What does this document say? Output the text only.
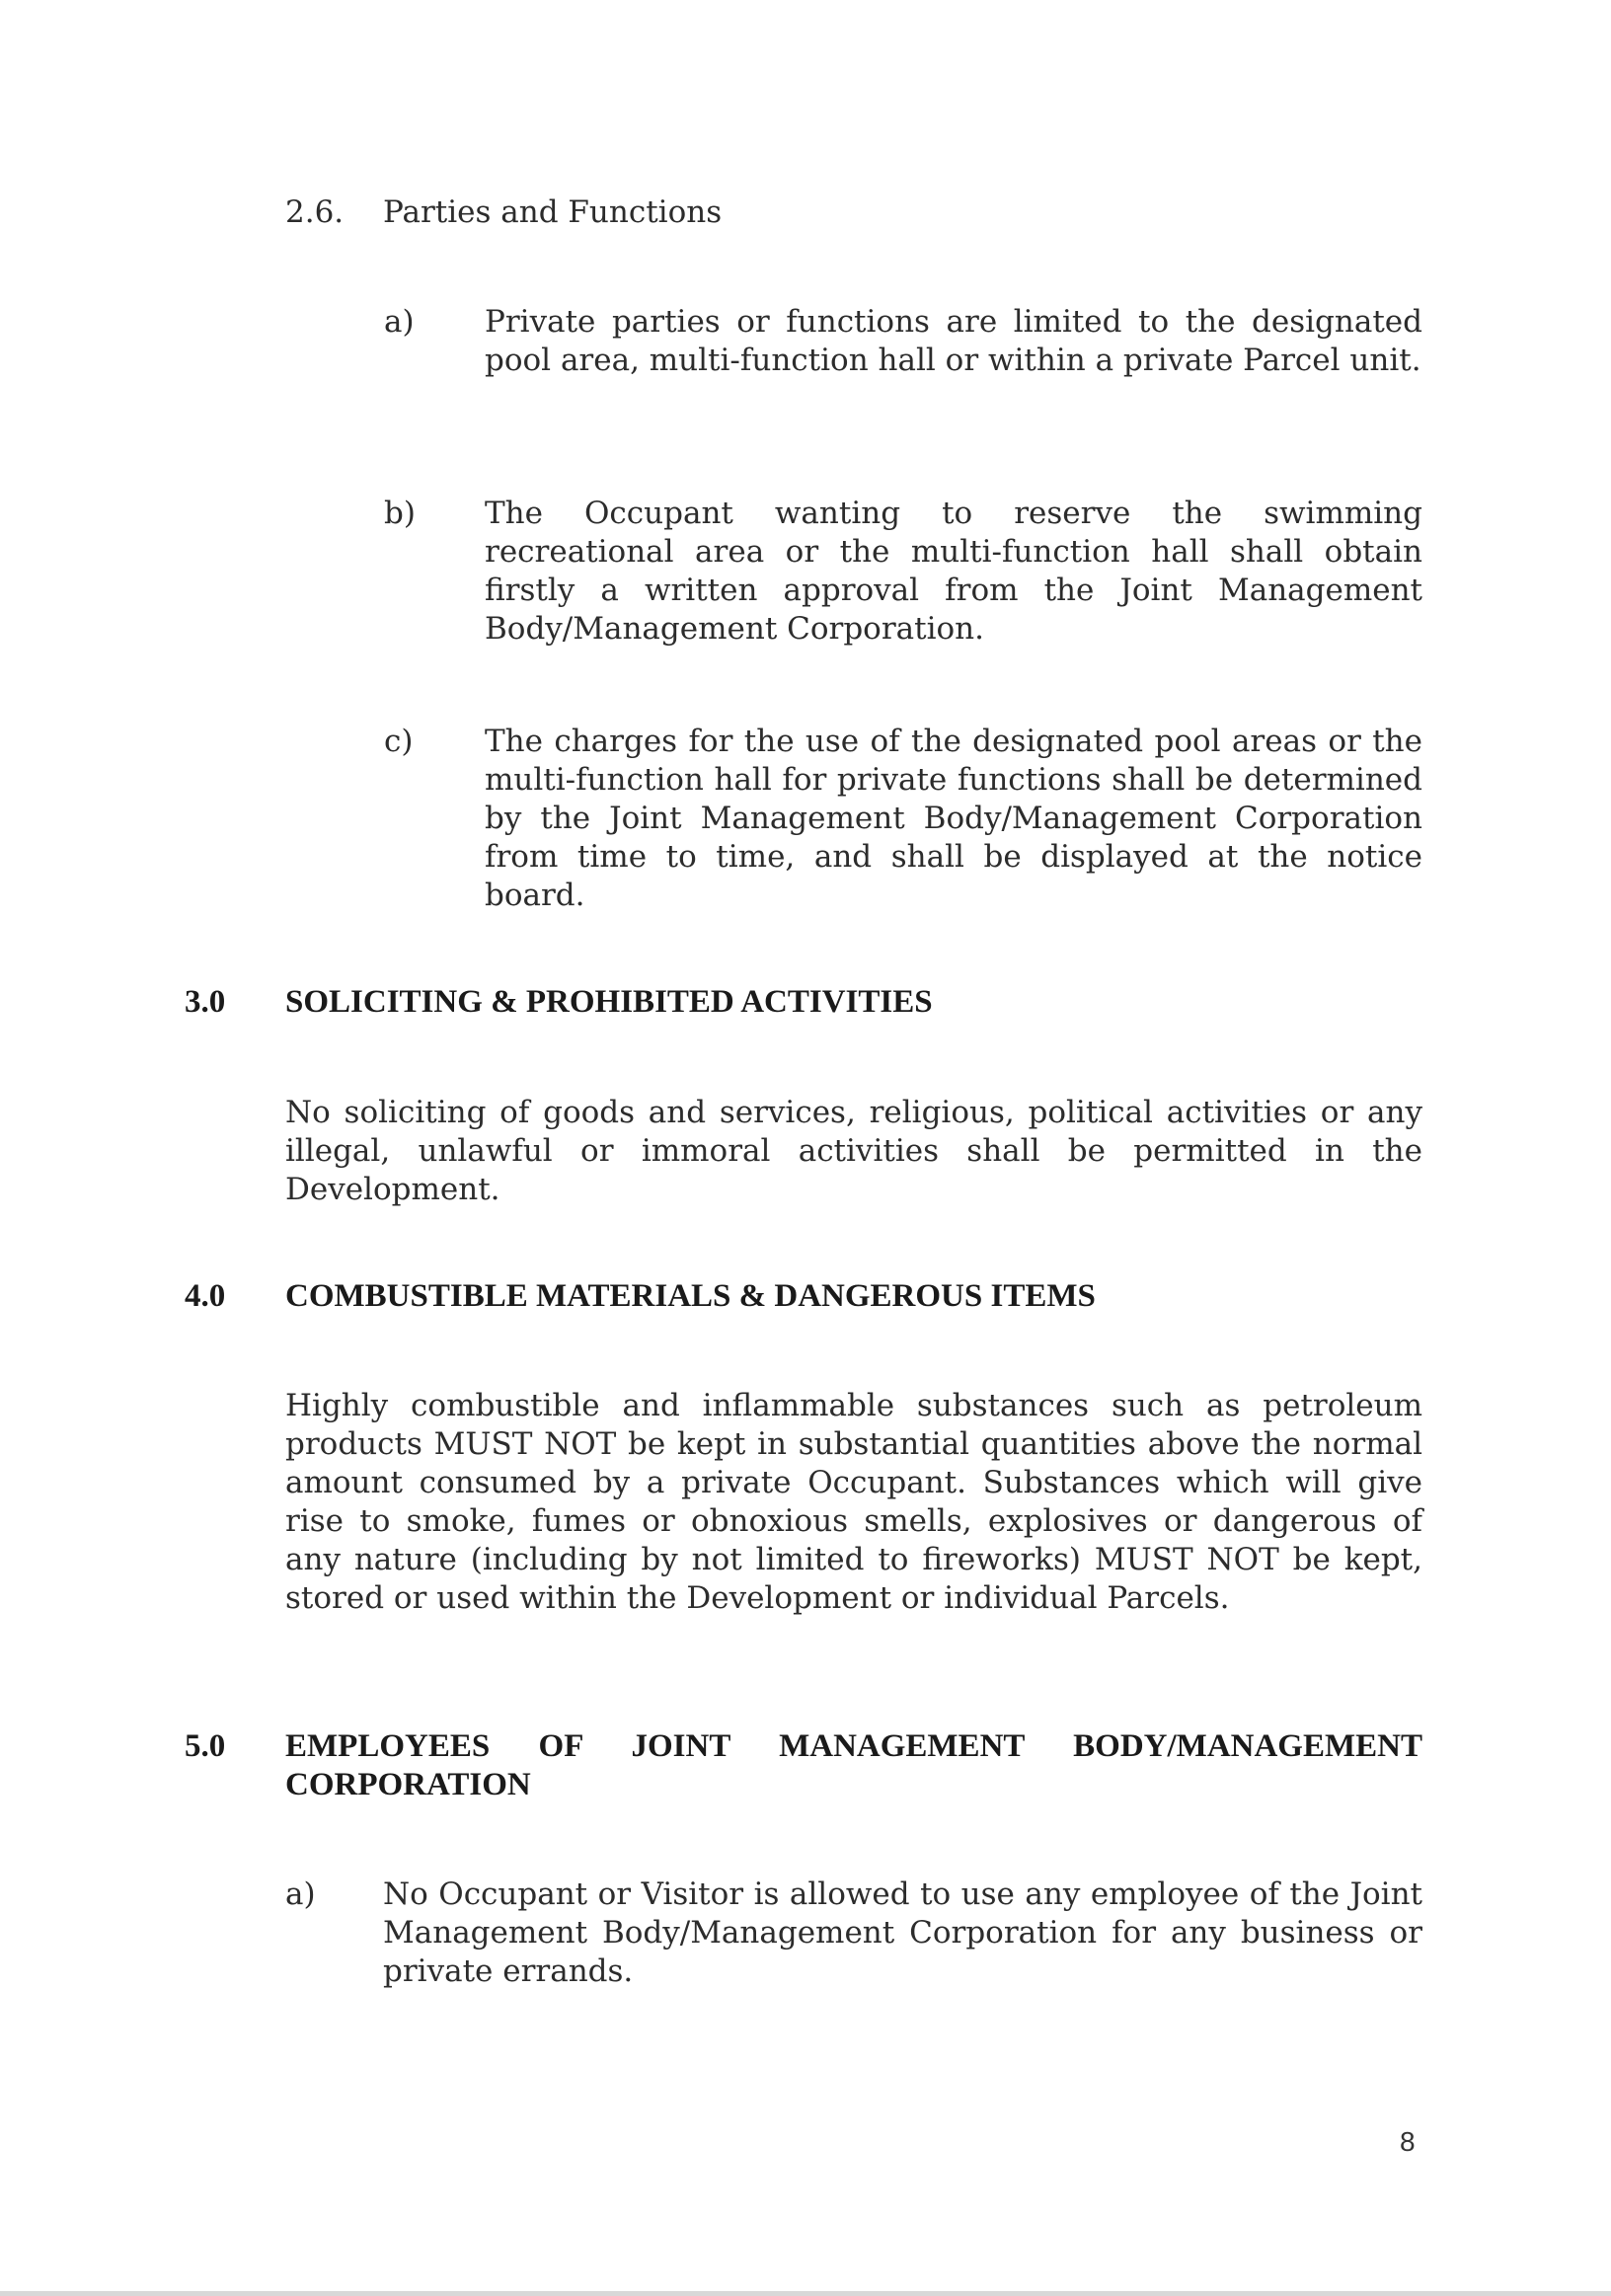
2.6. Parties and Functions
a) Private parties or functions are limited to the designated pool area, multi-function hall or within a private Parcel unit.
b) The Occupant wanting to reserve the swimming recreational area or the multi-function hall shall obtain firstly a written approval from the Joint Management Body/Management Corporation.
c) The charges for the use of the designated pool areas or the multi-function hall for private functions shall be determined by the Joint Management Body/Management Corporation from time to time, and shall be displayed at the notice board.
3.0 SOLICITING & PROHIBITED ACTIVITIES
No soliciting of goods and services, religious, political activities or any illegal, unlawful or immoral activities shall be permitted in the Development.
4.0 COMBUSTIBLE MATERIALS & DANGEROUS ITEMS
Highly combustible and inflammable substances such as petroleum products MUST NOT be kept in substantial quantities above the normal amount consumed by a private Occupant. Substances which will give rise to smoke, fumes or obnoxious smells, explosives or dangerous of any nature (including by not limited to fireworks) MUST NOT be kept, stored or used within the Development or individual Parcels.
5.0 EMPLOYEES OF JOINT MANAGEMENT BODY/MANAGEMENT CORPORATION
a) No Occupant or Visitor is allowed to use any employee of the Joint Management Body/Management Corporation for any business or private errands.
8
